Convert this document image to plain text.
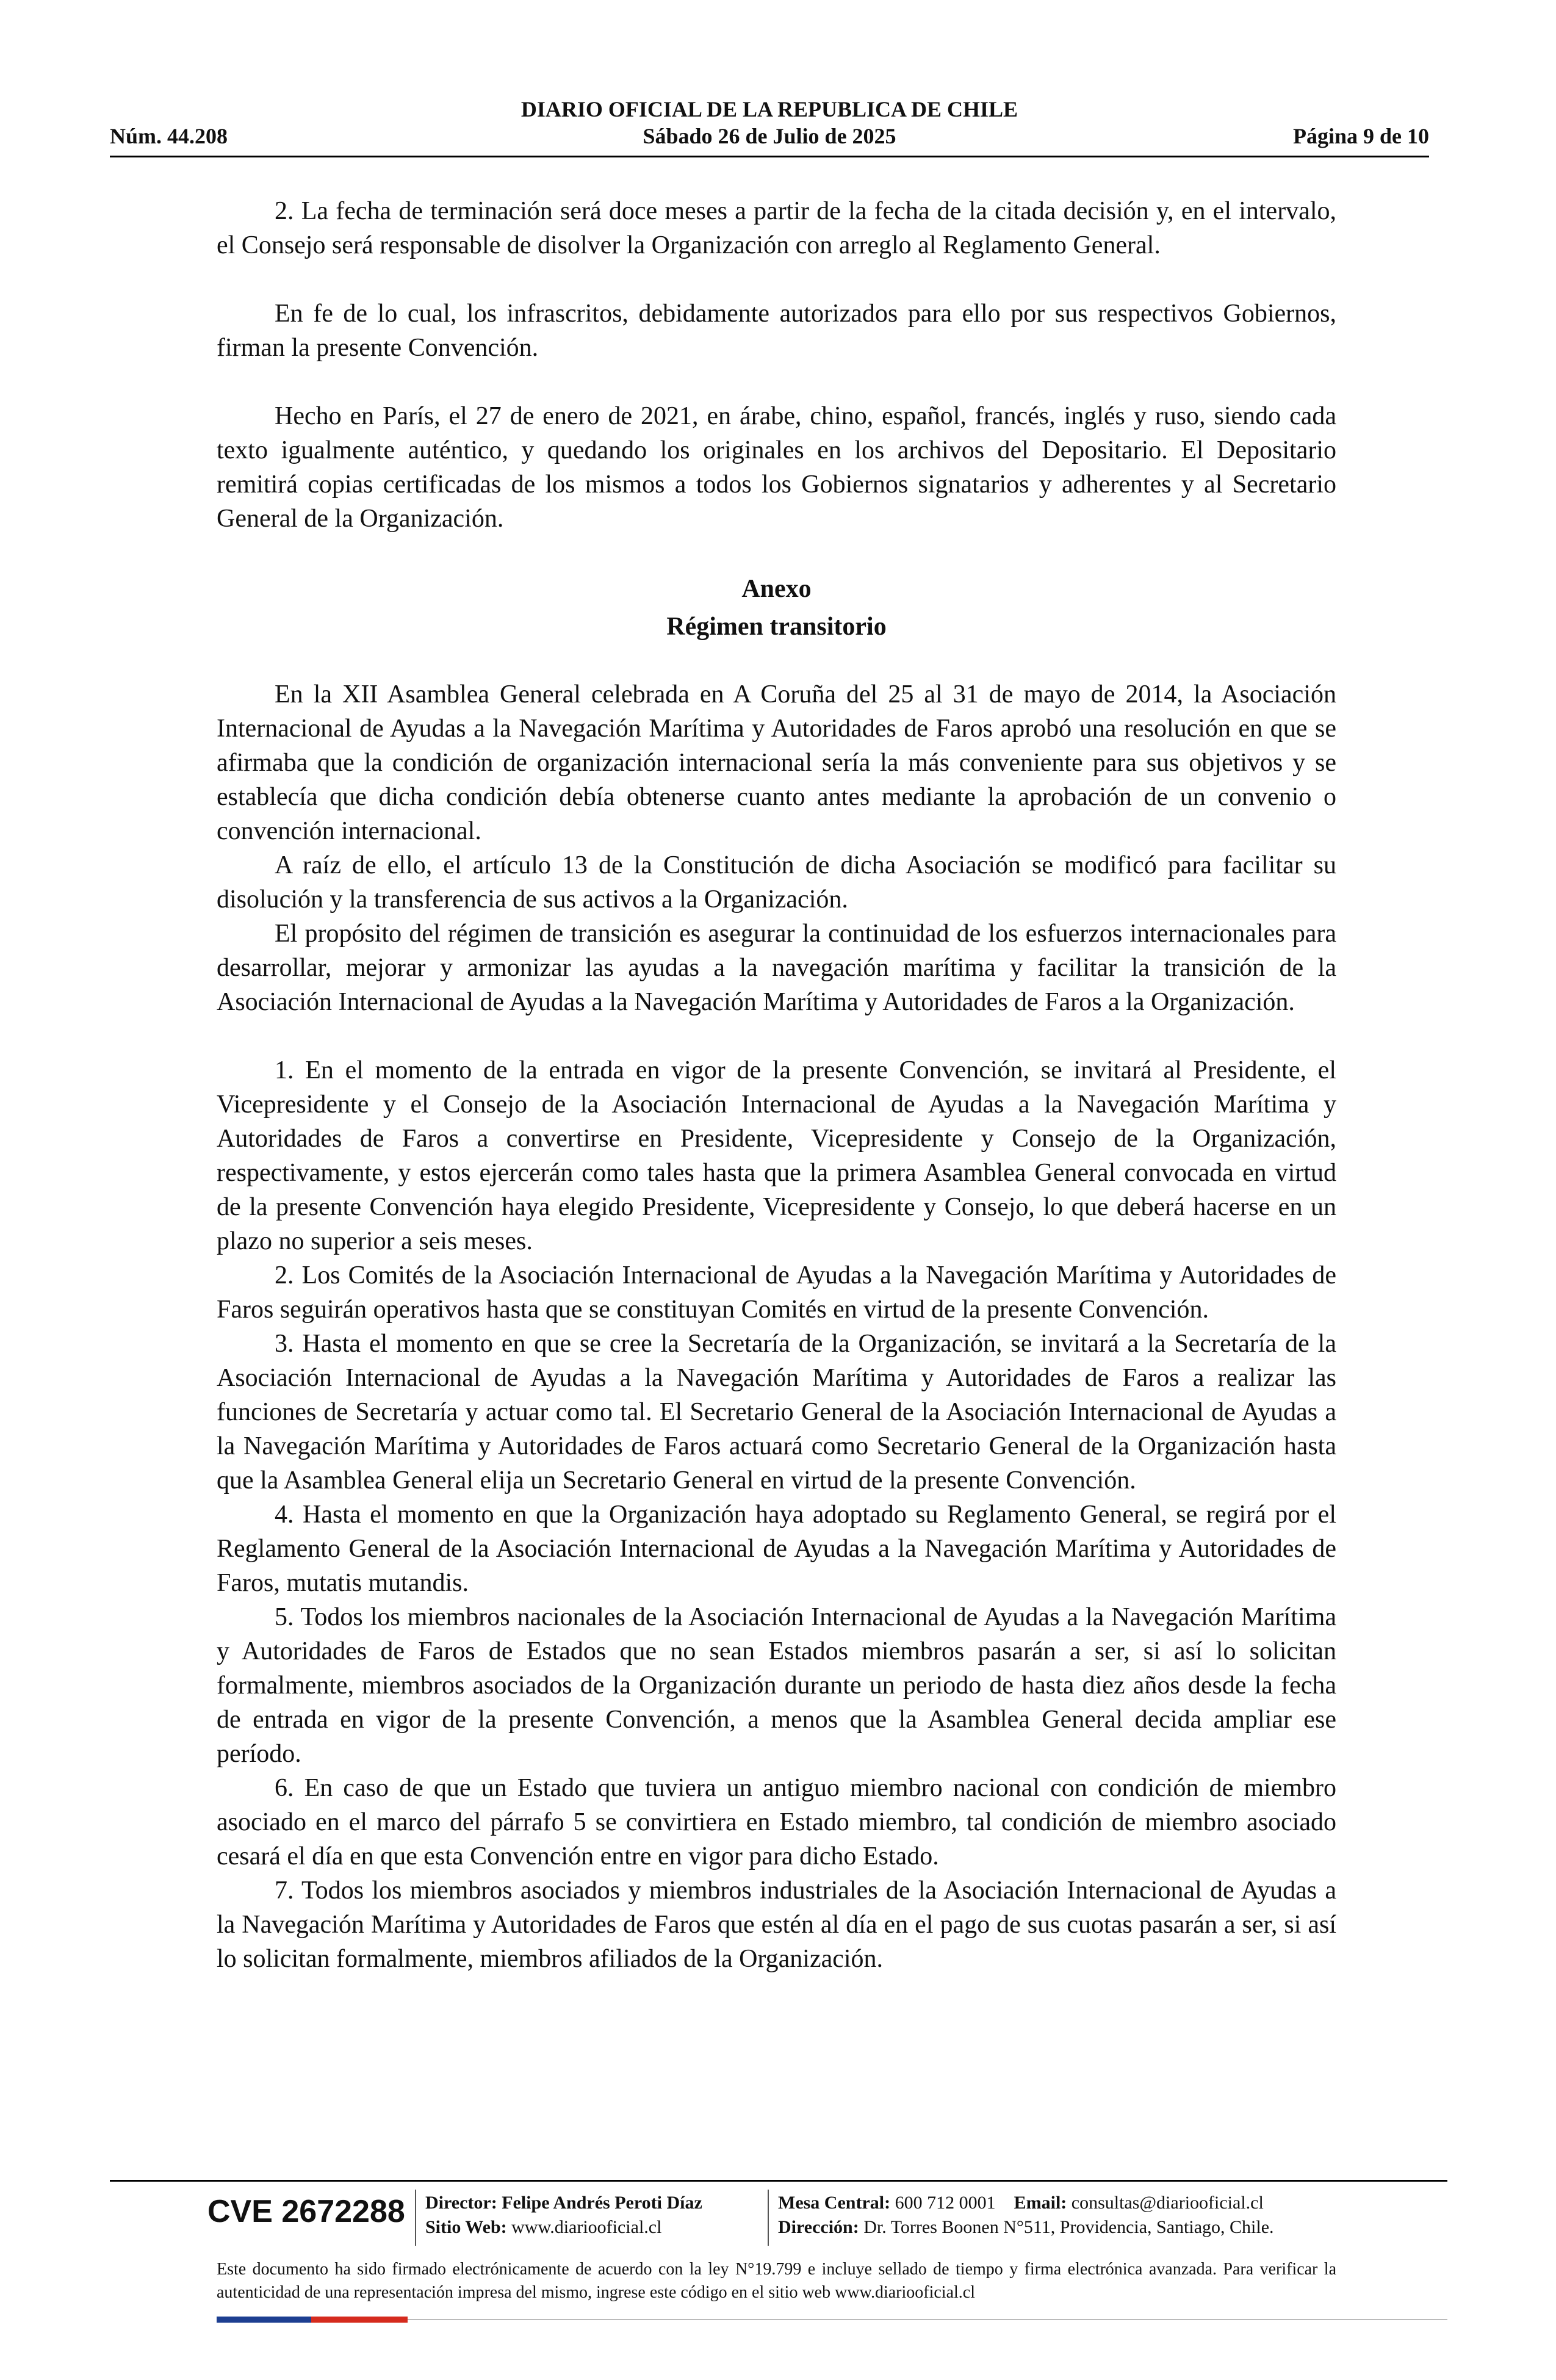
DIARIO OFICIAL DE LA REPUBLICA DE CHILE
Núm. 44.208	Sábado 26 de Julio de 2025	Página 9 de 10

2. La fecha de terminación será doce meses a partir de la fecha de la citada decisión y, en el intervalo, el Consejo será responsable de disolver la Organización con arreglo al Reglamento General.

En fe de lo cual, los infrascritos, debidamente autorizados para ello por sus respectivos Gobiernos, firman la presente Convención.

Hecho en París, el 27 de enero de 2021, en árabe, chino, español, francés, inglés y ruso, siendo cada texto igualmente auténtico, y quedando los originales en los archivos del Depositario. El Depositario remitirá copias certificadas de los mismos a todos los Gobiernos signatarios y adherentes y al Secretario General de la Organización.

Anexo
Régimen transitorio

En la XII Asamblea General celebrada en A Coruña del 25 al 31 de mayo de 2014, la Asociación Internacional de Ayudas a la Navegación Marítima y Autoridades de Faros aprobó una resolución en que se afirmaba que la condición de organización internacional sería la más conveniente para sus objetivos y se establecía que dicha condición debía obtenerse cuanto antes mediante la aprobación de un convenio o convención internacional.

A raíz de ello, el artículo 13 de la Constitución de dicha Asociación se modificó para facilitar su disolución y la transferencia de sus activos a la Organización.

El propósito del régimen de transición es asegurar la continuidad de los esfuerzos internacionales para desarrollar, mejorar y armonizar las ayudas a la navegación marítima y facilitar la transición de la Asociación Internacional de Ayudas a la Navegación Marítima y Autoridades de Faros a la Organización.

1. En el momento de la entrada en vigor de la presente Convención, se invitará al Presidente, el Vicepresidente y el Consejo de la Asociación Internacional de Ayudas a la Navegación Marítima y Autoridades de Faros a convertirse en Presidente, Vicepresidente y Consejo de la Organización, respectivamente, y estos ejercerán como tales hasta que la primera Asamblea General convocada en virtud de la presente Convención haya elegido Presidente, Vicepresidente y Consejo, lo que deberá hacerse en un plazo no superior a seis meses.

2. Los Comités de la Asociación Internacional de Ayudas a la Navegación Marítima y Autoridades de Faros seguirán operativos hasta que se constituyan Comités en virtud de la presente Convención.

3. Hasta el momento en que se cree la Secretaría de la Organización, se invitará a la Secretaría de la Asociación Internacional de Ayudas a la Navegación Marítima y Autoridades de Faros a realizar las funciones de Secretaría y actuar como tal. El Secretario General de la Asociación Internacional de Ayudas a la Navegación Marítima y Autoridades de Faros actuará como Secretario General de la Organización hasta que la Asamblea General elija un Secretario General en virtud de la presente Convención.

4. Hasta el momento en que la Organización haya adoptado su Reglamento General, se regirá por el Reglamento General de la Asociación Internacional de Ayudas a la Navegación Marítima y Autoridades de Faros, mutatis mutandis.

5. Todos los miembros nacionales de la Asociación Internacional de Ayudas a la Navegación Marítima y Autoridades de Faros de Estados que no sean Estados miembros pasarán a ser, si así lo solicitan formalmente, miembros asociados de la Organización durante un periodo de hasta diez años desde la fecha de entrada en vigor de la presente Convención, a menos que la Asamblea General decida ampliar ese período.

6. En caso de que un Estado que tuviera un antiguo miembro nacional con condición de miembro asociado en el marco del párrafo 5 se convirtiera en Estado miembro, tal condición de miembro asociado cesará el día en que esta Convención entre en vigor para dicho Estado.

7. Todos los miembros asociados y miembros industriales de la Asociación Internacional de Ayudas a la Navegación Marítima y Autoridades de Faros que estén al día en el pago de sus cuotas pasarán a ser, si así lo solicitan formalmente, miembros afiliados de la Organización.

CVE 2672288 Director: Felipe Andrés Peroti Díaz
Sitio Web: www.diariooficial.cl
Mesa Central: 600 712 0001 Email: consultas@diariooficial.cl
Dirección: Dr. Torres Boonen N°511, Providencia, Santiago, Chile.
Este documento ha sido firmado electrónicamente de acuerdo con la ley N°19.799 e incluye sellado de tiempo y firma electrónica avanzada. Para verificar la autenticidad de una representación impresa del mismo, ingrese este código en el sitio web www.diariooficial.cl
